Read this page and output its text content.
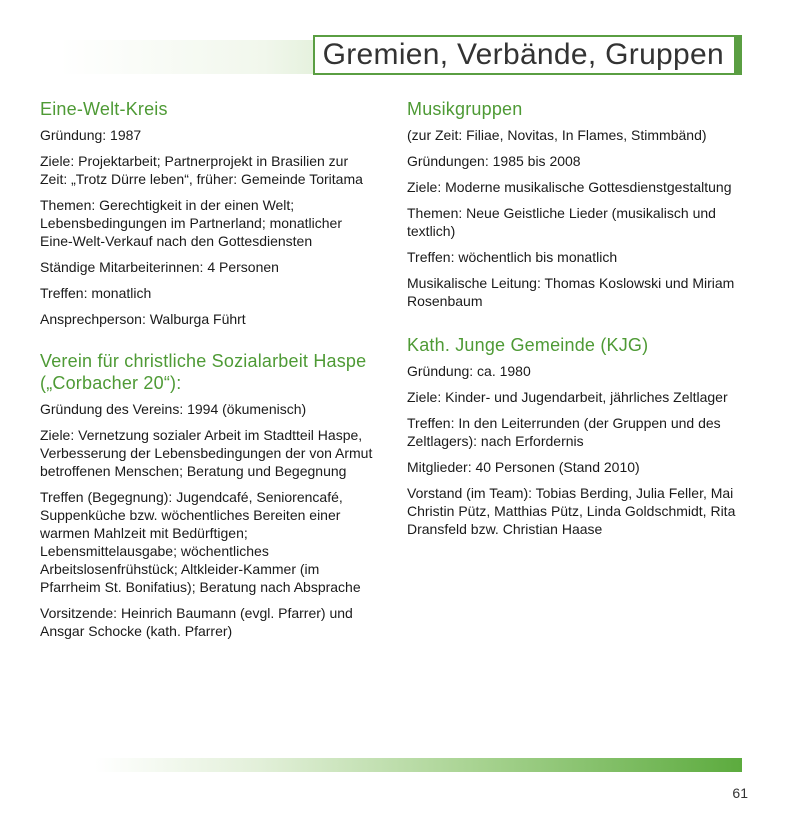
Gremien, Verbände, Gruppen
Eine-Welt-Kreis

Gründung: 1987

Ziele: Projektarbeit; Partnerprojekt in Brasilien zur Zeit: „Trotz Dürre leben“, früher: Gemeinde Toritama

Themen: Gerechtigkeit in der einen Welt; Lebensbedingungen im Partnerland; monatlicher Eine-Welt-Verkauf nach den Gottesdiensten

Ständige Mitarbeiterinnen: 4 Personen

Treffen: monatlich

Ansprechperson: Walburga Führt

Verein für christliche Sozialarbeit Haspe („Corbacher 20“):

Gründung des Vereins: 1994 (ökumenisch)

Ziele: Vernetzung sozialer Arbeit im Stadtteil Haspe, Verbesserung der Lebensbedingungen der von Armut betroffenen Menschen; Beratung und Begegnung

Treffen (Begegnung): Jugendcafé, Seniorencafé, Suppenküche bzw. wöchentliches Bereiten einer warmen Mahlzeit mit Bedürftigen; Lebensmittelausgabe; wöchentliches Arbeitslosenfrühstück; Altkleider-Kammer (im Pfarrheim St. Bonifatius); Beratung nach Absprache

Vorsitzende: Heinrich Baumann (evgl. Pfarrer) und Ansgar Schocke (kath. Pfarrer)

Musikgruppen

(zur Zeit: Filiae, Novitas, In Flames, Stimmbänd)

Gründungen: 1985 bis 2008

Ziele: Moderne musikalische Gottesdienstgestaltung

Themen: Neue Geistliche Lieder (musikalisch und textlich)

Treffen: wöchentlich bis monatlich

Musikalische Leitung: Thomas Koslowski und Miriam Rosenbaum

Kath. Junge Gemeinde (KJG)

Gründung: ca. 1980

Ziele: Kinder- und Jugendarbeit, jährliches Zeltlager

Treffen: In den Leiterrunden (der Gruppen und des Zeltlagers): nach Erfordernis

Mitglieder: 40 Personen (Stand 2010)

Vorstand (im Team): Tobias Berding, Julia Feller, Mai Christin Pütz, Matthias Pütz, Linda Goldschmidt, Rita Dransfeld bzw. Christian Haase

61
